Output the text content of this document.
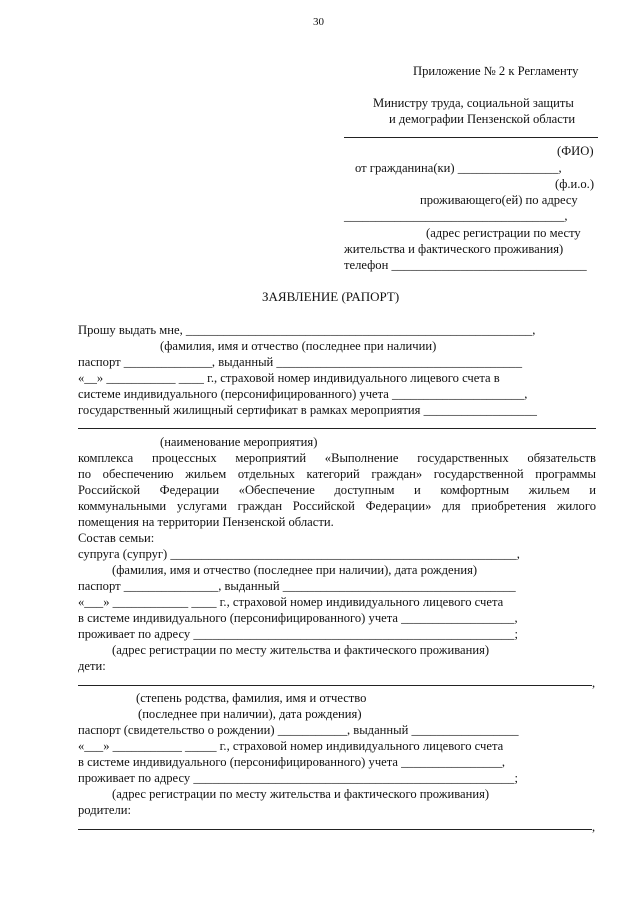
30
Приложение № 2 к Регламенту
Министру труда, социальной защиты
и демографии Пензенской области
(ФИО)
от гражданина(ки) ________________,
(ф.и.о.)
проживающего(ей) по адресу
___________________________________,
(адрес регистрации по месту
жительства и фактического проживания)
телефон _______________________________
ЗАЯВЛЕНИЕ (РАПОРТ)
Прошу выдать мне, _______________________________________________________,
(фамилия, имя и отчество (последнее при наличии)
паспорт ______________, выданный _______________________________________
«__» ___________ ____ г., страховой номер индивидуального лицевого счета в
системе индивидуального (персонифицированного) учета _____________________,
государственный жилищный сертификат в рамках мероприятия __________________
(наименование мероприятия)
комплекса процессных мероприятий «Выполнение государственных обязательств
по обеспечению жильем отдельных категорий граждан» государственной программы
Российской Федерации «Обеспечение доступным и комфортным жильем и
коммунальными услугами граждан Российской Федерации» для приобретения жилого
помещения на территории Пензенской области.
Состав семьи:
супруга (супруг) _______________________________________________________,
(фамилия, имя и отчество (последнее при наличии), дата рождения)
паспорт _______________, выданный _____________________________________
«___» ____________ ____ г., страховой номер индивидуального лицевого счета
в системе индивидуального (персонифицированного) учета __________________,
проживает по адресу ___________________________________________________;
(адрес регистрации по месту жительства и фактического проживания)
дети:
,
(степень родства, фамилия, имя и отчество
(последнее при наличии), дата рождения)
паспорт (свидетельство о рождении) ___________, выданный _________________
«___» ___________ _____ г., страховой номер индивидуального лицевого счета
в системе индивидуального (персонифицированного) учета ________________,
проживает по адресу ___________________________________________________;
(адрес регистрации по месту жительства и фактического проживания)
родители:
,
